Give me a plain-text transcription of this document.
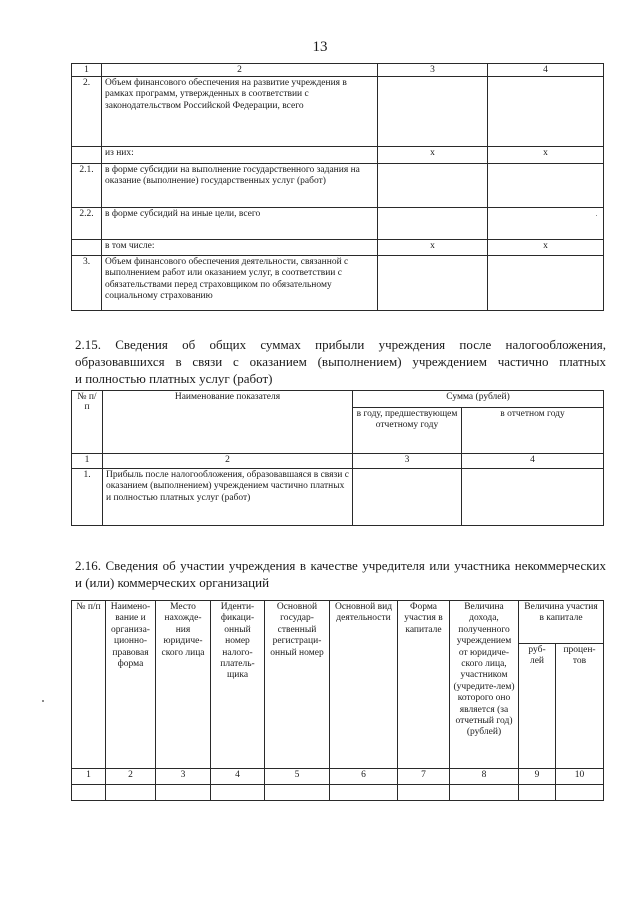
13
1	2	3	4
2.	Объем финансового обеспечения на развитие учреждения в рамках программ, утвержденных в соответствии с законодательством Российской Федерации, всего		
	из них:	x	x
2.1.	в форме субсидии на выполнение государственного задания на оказание (выполнение) государственных услуг (работ)		
2.2.	в форме субсидий на иные цели, всего		
	в том числе:	x	x
3.	Объем финансового обеспечения деятельности, связанной с выполнением работ или оказанием услуг, в соответствии с обязательствами перед страховщиком по обязательному социальному страхованию		
2.15. Сведения об общих суммах прибыли учреждения после налогообложения,
образовавшихся в связи с оказанием (выполнением) учреждением частично платных
и полностью платных услуг (работ)
№ п/п	Наименование показателя	Сумма (рублей)	
		в году, предшествующем отчетному году	в отчетном году
1	2	3	4
1.	Прибыль после налогообложения, образовавшаяся в связи с оказанием (выполнением) учреждением частично платных и полностью платных услуг (работ)		
2.16. Сведения об участии учреждения в качестве учредителя или участника некоммерческих
и (или) коммерческих организаций
№ п/п	Наимено-вание и организа-ционно-правовая форма	Место нахожде-ния юридиче-ского лица	Иденти-фикаци-онный номер налого-платель-щика	Основной государ-ственный регистраци-онный номер	Основной вид деятельности	Форма участия в капитале	Величина дохода, полученного учреждением от юридиче-ского лица, участником (учредите-лем) которого оно является (за отчетный год) (рублей)	Величина участия в капитале	
								руб-лей	процен-тов
1	2	3	4	5	6	7	8	9	10
